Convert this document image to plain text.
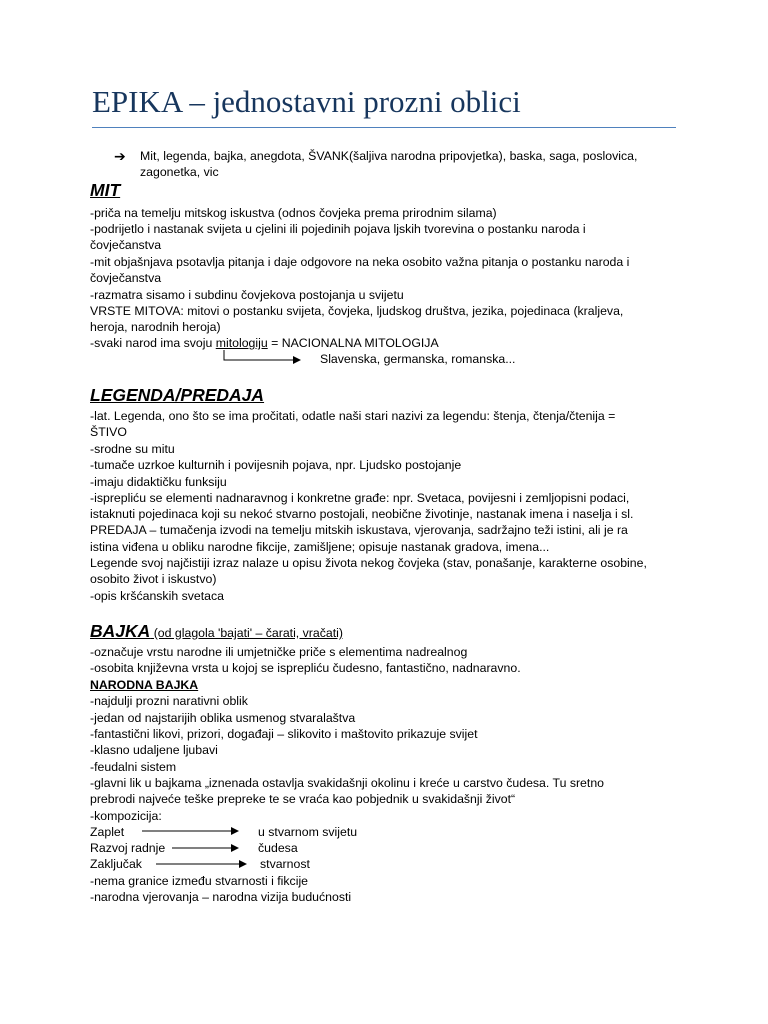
EPIKA – jednostavni prozni oblici
➔ Mit, legenda, bajka, anegdota, ŠVANK(šaljiva narodna pripovjetka), baska, saga, poslovica,
zagonetka, vic
MIT
-priča na temelju mitskog iskustva (odnos čovjeka prema prirodnim silama)
-podrijetlo i nastanak svijeta u cjelini ili pojedinih pojava ljskih tvorevina o postanku naroda i
čovječanstva
-mit objašnjava psotavlja pitanja i daje odgovore na neka osobito važna pitanja o postanku naroda i
čovječanstva
-razmatra sisamo i subdinu čovjekova postojanja u svijetu
VRSTE MITOVA: mitovi o postanku svijeta, čovjeka, ljudskog društva, jezika, pojedinaca (kraljeva,
heroja, narodnih heroja)
-svaki narod ima svoju mitologiju = NACIONALNA MITOLOGIJA
Slavenska, germanska, romanska...
LEGENDA/PREDAJA
-lat. Legenda, ono što se ima pročitati, odatle naši stari nazivi za legendu: štenja, čtenja/čtenija =
ŠTIVO
-srodne su mitu
-tumače uzrkoe kulturnih i povijesnih pojava, npr. Ljudsko postojanje
-imaju didaktičku funksiju
-isprepliću se elementi nadnaravnog i konkretne građe: npr. Svetaca, povijesni i zemljopisni podaci,
istaknuti pojedinaca koji su nekoć stvarno postojali, neobične životinje, nastanak imena i naselja i sl.
PREDAJA – tumačenja izvodi na temelju mitskih iskustava, vjerovanja, sadržajno teži istini, ali je ra
istina viđena u obliku narodne fikcije, zamišljene; opisuje nastanak gradova, imena...
Legende svoj najčistiji izraz nalaze u opisu života nekog čovjeka (stav, ponašanje, karakterne osobine,
osobito život i iskustvo)
-opis kršćanskih svetaca
BAJKA (od glagola 'bajati' – čarati, vračati)
-označuje vrstu narodne ili umjetničke priče s elementima nadrealnog
-osobita književna vrsta u kojoj se isprepliću čudesno, fantastično, nadnaravno.
NARODNA BAJKA
-najdulji prozni narativni oblik
-jedan od najstarijih oblika usmenog stvaralaštva
-fantastični likovi, prizori, događaji – slikovito i maštovito prikazuje svijet
-klasno udaljene ljubavi
-feudalni sistem
-glavni lik u bajkama „iznenada ostavlja svakidašnji okolinu i kreće u carstvo čudesa. Tu sretno
prebrodi najveće teške prepreke te se vraća kao pobjednik u svakidašnji život“
-kompozicija:
Zaplet	u stvarnom svijetu
Razvoj radnje	čudesa
Zaključak	stvarnost
-nema granice između stvarnosti i fikcije
-narodna vjerovanja – narodna vizija budućnosti
